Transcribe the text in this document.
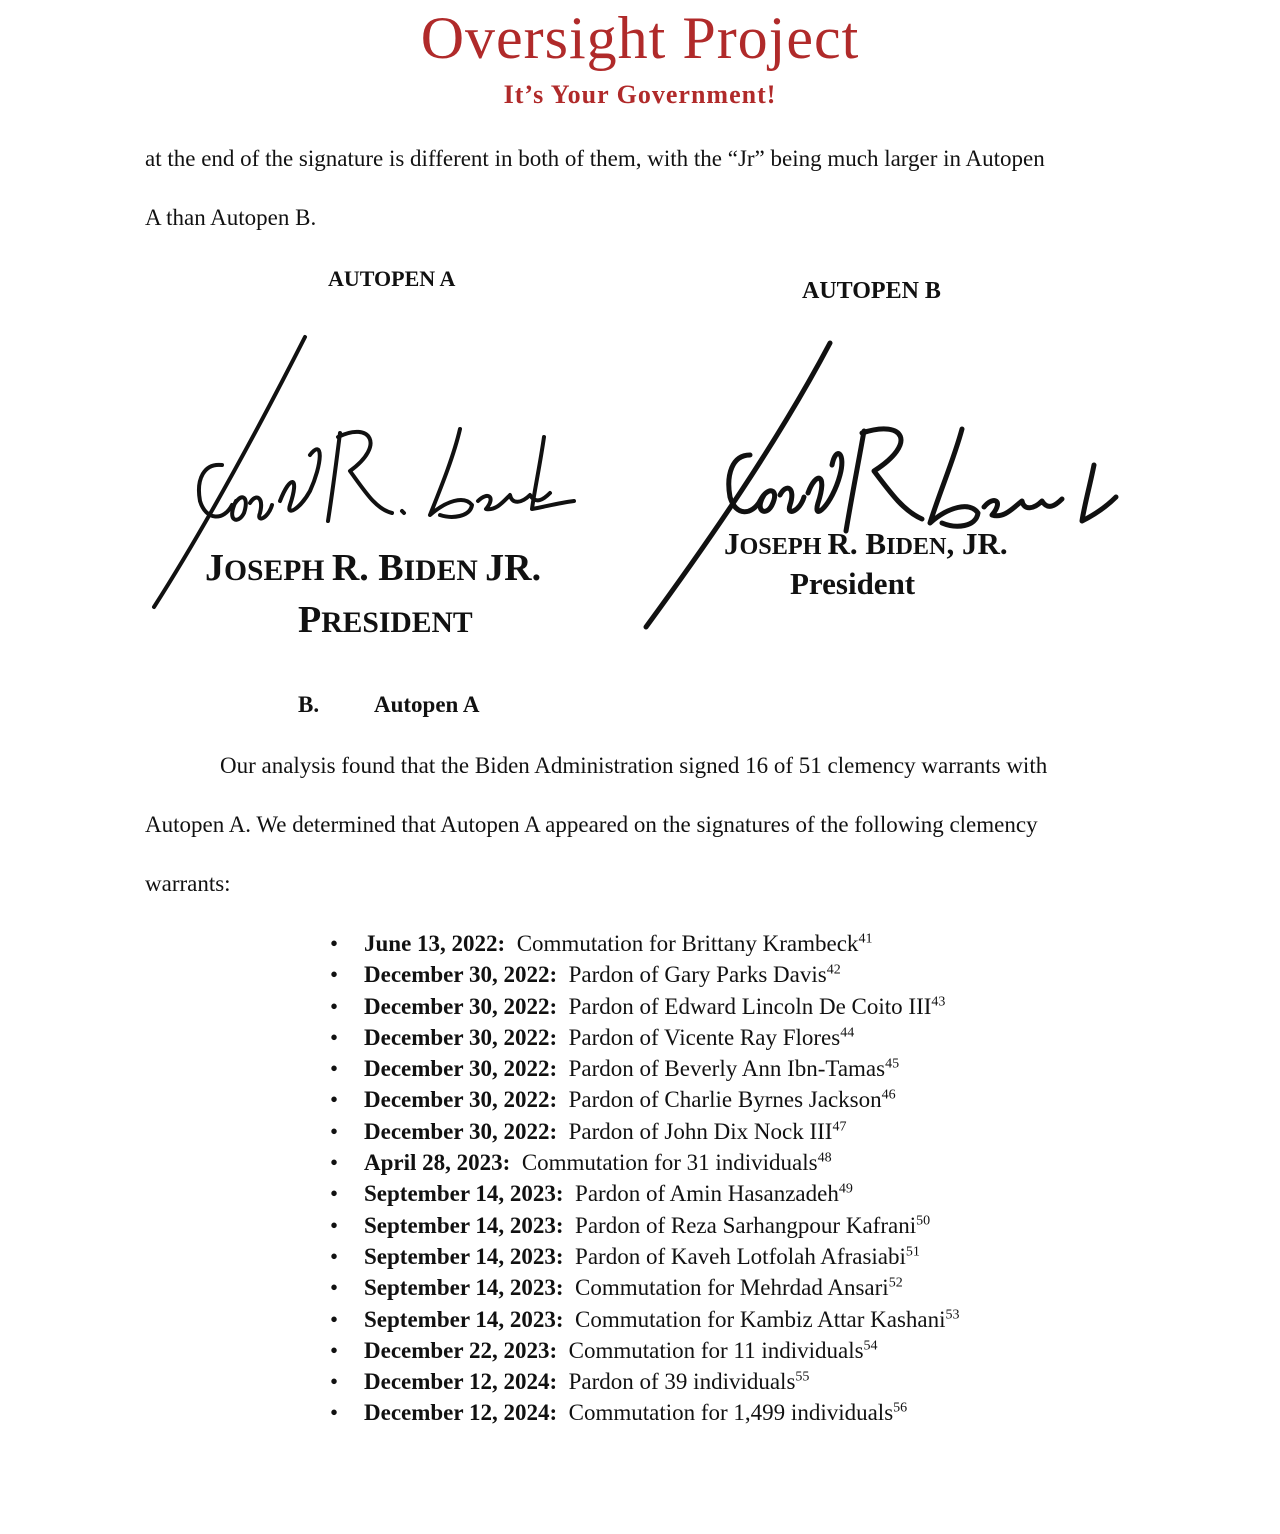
Oversight Project
It’s Your Government!

at the end of the signature is different in both of them, with the “Jr” being much larger in Autopen

A than Autopen B.

AUTOPEN A
JOSEPH R. BIDEN JR.
PRESIDENT
AUTOPEN B
JOSEPH R. BIDEN, JR.
President
B. Autopen A

Our analysis found that the Biden Administration signed 16 of 51 clemency warrants with

Autopen A. We determined that Autopen A appeared on the signatures of the following clemency

warrants:

• June 13, 2022: Commutation for Brittany Krambeck$^{41}$
• December 30, 2022: Pardon of Gary Parks Davis$^{42}$
• December 30, 2022: Pardon of Edward Lincoln De Coito III$^{43}$
• December 30, 2022: Pardon of Vicente Ray Flores$^{44}$
• December 30, 2022: Pardon of Beverly Ann Ibn-Tamas$^{45}$
• December 30, 2022: Pardon of Charlie Byrnes Jackson$^{46}$
• December 30, 2022: Pardon of John Dix Nock III$^{47}$
• April 28, 2023: Commutation for 31 individuals$^{48}$
• September 14, 2023: Pardon of Amin Hasanzadeh$^{49}$
• September 14, 2023: Pardon of Reza Sarhangpour Kafrani$^{50}$
• September 14, 2023: Pardon of Kaveh Lotfolah Afrasiabi$^{51}$
• September 14, 2023: Commutation for Mehrdad Ansari$^{52}$
• September 14, 2023: Commutation for Kambiz Attar Kashani$^{53}$
• December 22, 2023: Commutation for 11 individuals$^{54}$
• December 12, 2024: Pardon of 39 individuals$^{55}$
• December 12, 2024: Commutation for 1,499 individuals$^{56}$
